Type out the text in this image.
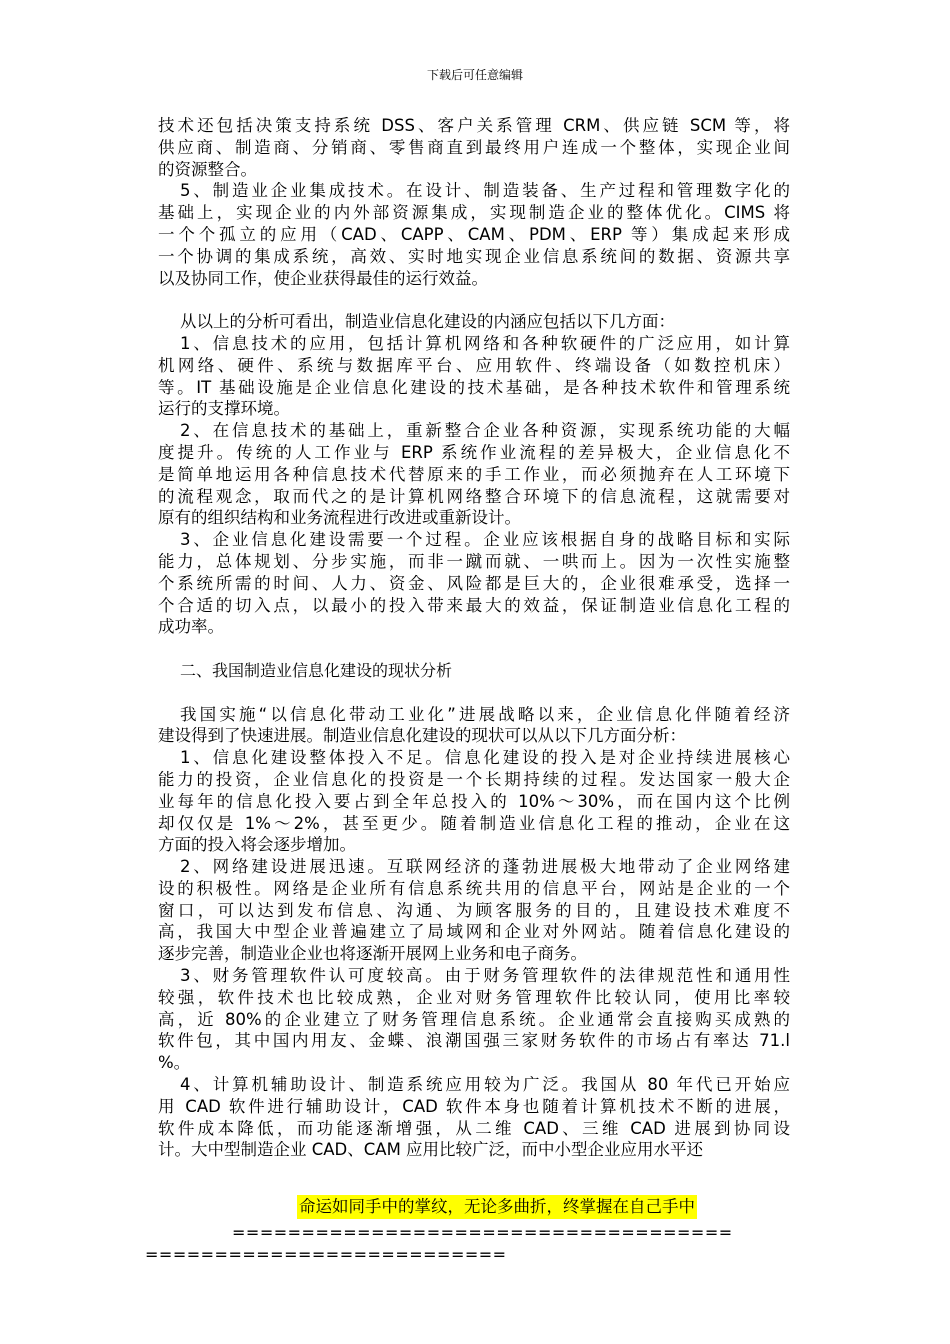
下载后可任意编辑
技术还包括决策支持系统 DSS、客户关系管理 CRM、供应链 SCM 等，将
供应商、制造商、分销商、零售商直到最终用户连成一个整体，实现企业间
的资源整合。
5、制造业企业集成技术。在设计、制造装备、生产过程和管理数字化的
基础上，实现企业的内外部资源集成，实现制造企业的整体优化。CIMS 将
一个个孤立的应用（CAD、CAPP、CAM、PDM、ERP 等）集成起来形成
一个协调的集成系统，高效、实时地实现企业信息系统间的数据、资源共享
以及协同工作，使企业获得最佳的运行效益。
从以上的分析可看出，制造业信息化建设的内涵应包括以下几方面：
1、信息技术的应用，包括计算机网络和各种软硬件的广泛应用，如计算
机网络、硬件、系统与数据库平台、应用软件、终端设备（如数控机床）
等。IT 基础设施是企业信息化建设的技术基础，是各种技术软件和管理系统
运行的支撑环境。
2、在信息技术的基础上，重新整合企业各种资源，实现系统功能的大幅
度提升。传统的人工作业与 ERP 系统作业流程的差异极大，企业信息化不
是简单地运用各种信息技术代替原来的手工作业，而必须抛弃在人工环境下
的流程观念，取而代之的是计算机网络整合环境下的信息流程，这就需要对
原有的组织结构和业务流程进行改进或重新设计。
3、企业信息化建设需要一个过程。企业应该根据自身的战略目标和实际
能力，总体规划、分步实施，而非一蹴而就、一哄而上。因为一次性实施整
个系统所需的时间、人力、资金、风险都是巨大的，企业很难承受，选择一
个合适的切入点，以最小的投入带来最大的效益，保证制造业信息化工程的
成功率。
二、我国制造业信息化建设的现状分析
我国实施“以信息化带动工业化”进展战略以来，企业信息化伴随着经济
建设得到了快速进展。制造业信息化建设的现状可以从以下几方面分析：
1、信息化建设整体投入不足。信息化建设的投入是对企业持续进展核心
能力的投资，企业信息化的投资是一个长期持续的过程。发达国家一般大企
业每年的信息化投入要占到全年总投入的 10%～30%，而在国内这个比例
却仅仅是 1%～2%，甚至更少。随着制造业信息化工程的推动，企业在这
方面的投入将会逐步增加。
2、网络建设进展迅速。互联网经济的蓬勃进展极大地带动了企业网络建
设的积极性。网络是企业所有信息系统共用的信息平台，网站是企业的一个
窗口，可以达到发布信息、沟通、为顾客服务的目的，且建设技术难度不
高，我国大中型企业普遍建立了局域网和企业对外网站。随着信息化建设的
逐步完善，制造业企业也将逐渐开展网上业务和电子商务。
3、财务管理软件认可度较高。由于财务管理软件的法律规范性和通用性
较强，软件技术也比较成熟，企业对财务管理软件比较认同，使用比率较
高，近 80%的企业建立了财务管理信息系统。企业通常会直接购买成熟的
软件包，其中国内用友、金蝶、浪潮国强三家财务软件的市场占有率达 71.l
%。
4、计算机辅助设计、制造系统应用较为广泛。我国从 80 年代已开始应
用 CAD 软件进行辅助设计，CAD 软件本身也随着计算机技术不断的进展，
软件成本降低，而功能逐渐增强，从二维 CAD、三维 CAD 进展到协同设
计。大中型制造企业 CAD、CAM 应用比较广泛，而中小型企业应用水平还
命运如同手中的掌纹，无论多曲折，终掌握在自己手中
====================================
==========================
